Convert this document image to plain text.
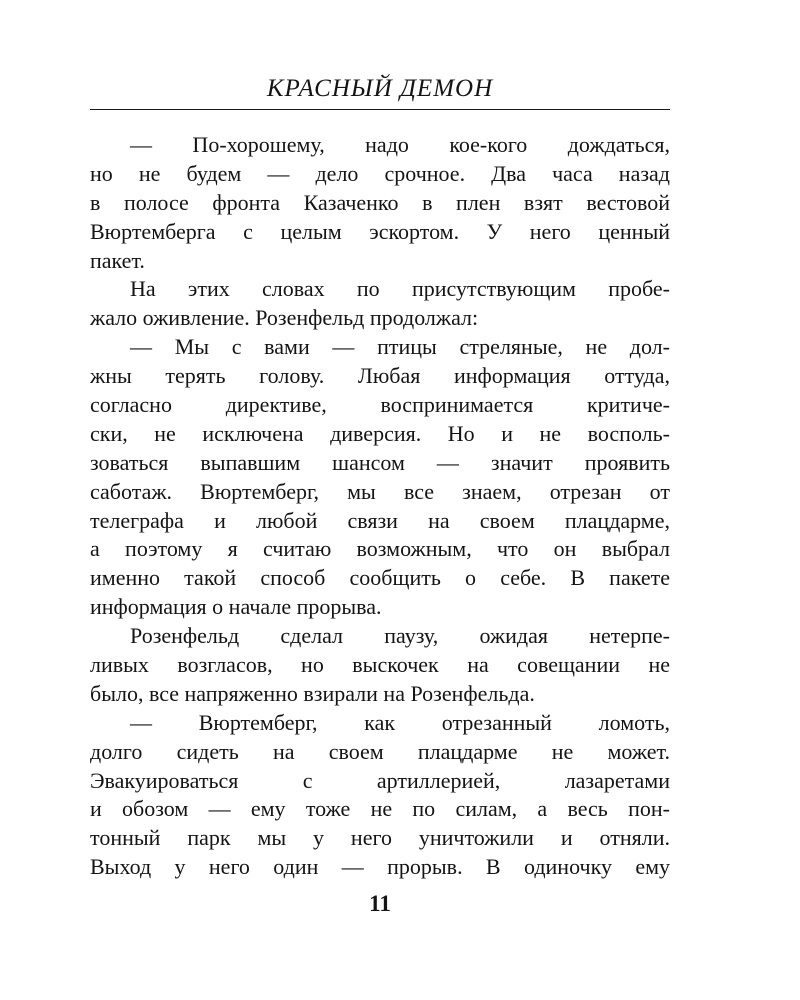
КРАСНЫЙ ДЕМОН
— По-хорошему, надо кое-кого дождаться,
но не будем — дело срочное. Два часа назад
в полосе фронта Казаченко в плен взят вестовой
Вюртемберга с целым эскортом. У него ценный
пакет.
На этих словах по присутствующим пробе-
жало оживление. Розенфельд продолжал:
— Мы с вами — птицы стреляные, не дол-
жны терять голову. Любая информация оттуда,
согласно директиве, воспринимается критиче-
ски, не исключена диверсия. Но и не восполь-
зоваться выпавшим шансом — значит проявить
саботаж. Вюртемберг, мы все знаем, отрезан от
телеграфа и любой связи на своем плацдарме,
а поэтому я считаю возможным, что он выбрал
именно такой способ сообщить о себе. В пакете
информация о начале прорыва.
Розенфельд сделал паузу, ожидая нетерпе-
ливых возгласов, но выскочек на совещании не
было, все напряженно взирали на Розенфельда.
— Вюртемберг, как отрезанный ломоть,
долго сидеть на своем плацдарме не может.
Эвакуироваться с артиллерией, лазаретами
и обозом — ему тоже не по силам, а весь пон-
тонный парк мы у него уничтожили и отняли.
Выход у него один — прорыв. В одиночку ему
11
